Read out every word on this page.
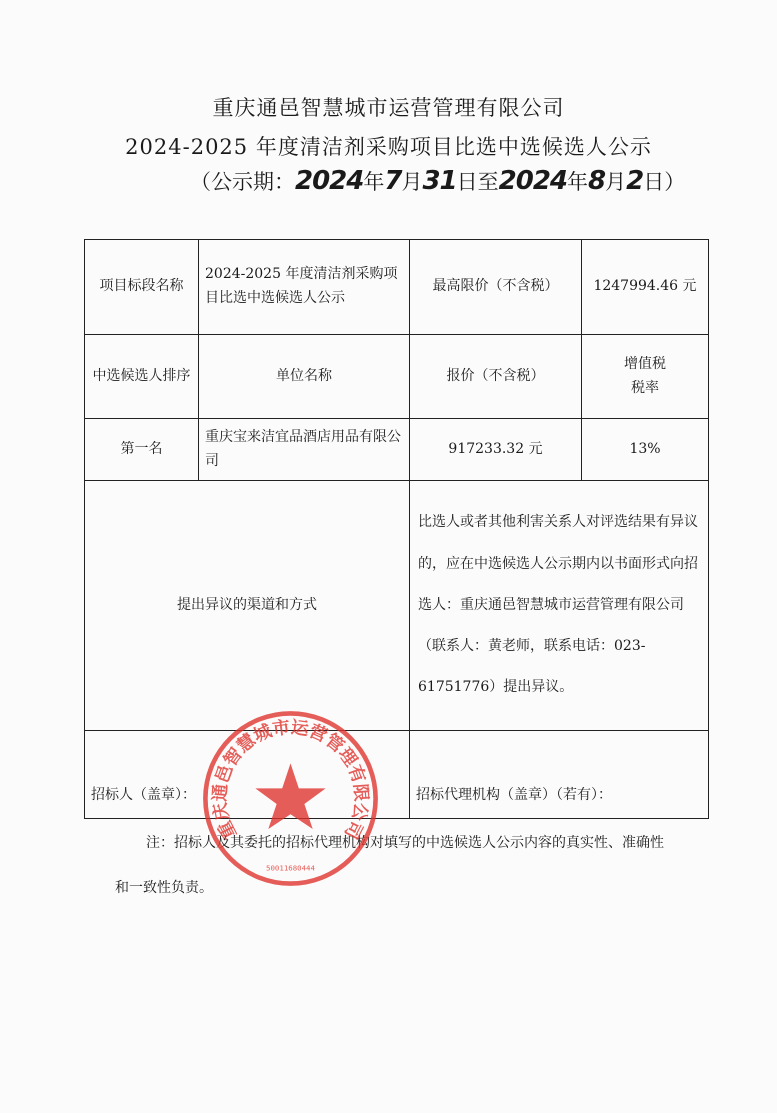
重庆通邑智慧城市运营管理有限公司
2024-2025 年度清洁剂采购项目比选中选候选人公示
（公示期：2024年7月31日至2024年8月2日）
项目标段名称	2024-2025 年度清洁剂采购项目比选中选候选人公示	最高限价（不含税）	1247994.46 元
中选候选人排序	单位名称	报价（不含税）	增值税税率
第一名	重庆宝来洁宜品酒店用品有限公司	917233.32 元	13%
提出异议的渠道和方式		比选人或者其他利害关系人对评选结果有异议的，应在中选候选人公示期内以书面形式向招选人：重庆通邑智慧城市运营管理有限公司（联系人：黄老师，联系电话：023-61751776）提出异议。	
招标人（盖章）：		招标代理机构（盖章）（若有）：	
注：招标人及其委托的招标代理机构对填写的中选候选人公示内容的真实性、准确性
和一致性负责。
重庆通邑智慧城市运营管理有限公司
50011680444
